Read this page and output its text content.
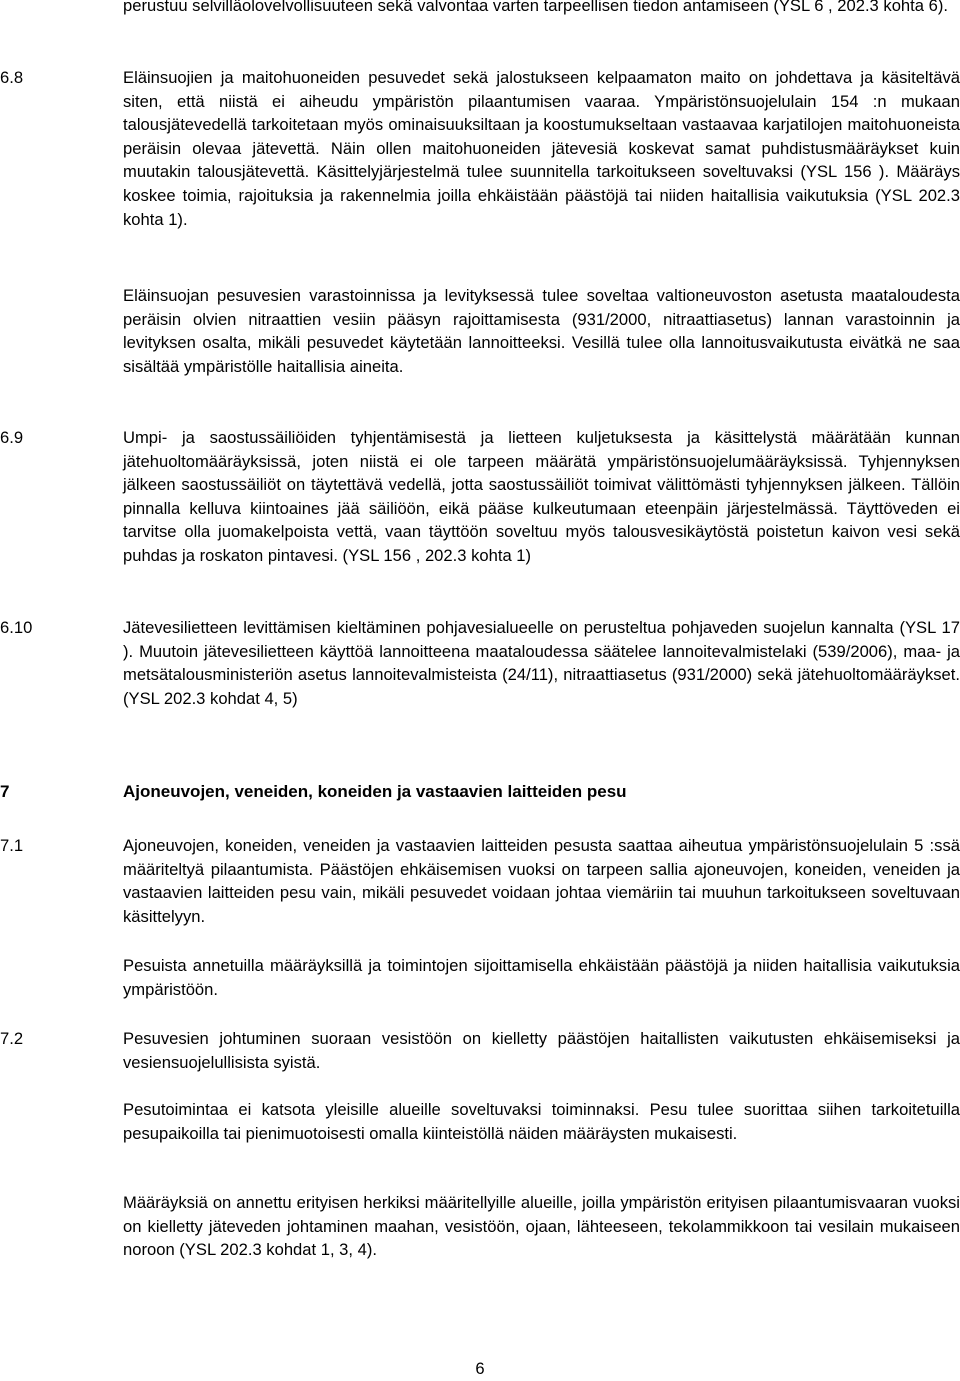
perustuu selvilläolovelvollisuuteen sekä valvontaa varten tarpeellisen tiedon antamiseen (YSL 6 , 202.3 kohta 6).
6.8	Eläinsuojien ja maitohuoneiden pesuvedet sekä jalostukseen kelpaamaton maito on johdettava ja käsiteltävä siten, että niistä ei aiheudu ympäristön pilaantumisen vaaraa. Ympäristönsuojelulain 154 :n mukaan talousjätevedellä tarkoitetaan myös ominaisuuksiltaan ja koostumukseltaan vastaavaa karjatilojen maitohuoneista peräisin olevaa jätevettä. Näin ollen maitohuoneiden jätevesiä koskevat samat puhdistusmääräykset kuin muutakin talousjätevettä. Käsittelyjärjestelmä tulee suunnitella tarkoitukseen soveltuvaksi (YSL 156 ). Määräys koskee toimia, rajoituksia ja rakennelmia joilla ehkäistään päästöjä tai niiden haitallisia vaikutuksia (YSL 202.3 kohta 1).
Eläinsuojan pesuvesien varastoinnissa ja levityksessä tulee soveltaa valtioneuvoston asetusta maataloudesta peräisin olvien nitraattien vesiin pääsyn rajoittamisesta (931/2000, nitraattiasetus) lannan varastoinnin ja levityksen osalta, mikäli pesuvedet käytetään lannoitteeksi. Vesillä tulee olla lannoitusvaikutusta eivätkä ne saa sisältää ympäristölle haitallisia aineita.
6.9	Umpi- ja saostussäiliöiden tyhjentämisestä ja lietteen kuljetuksesta ja käsittelystä määrätään kunnan jätehuoltomääräyksissä, joten niistä ei ole tarpeen määrätä ympäristönsuojelumääräyksissä. Tyhjennyksen jälkeen saostussäiliöt on täytettävä vedellä, jotta saostussäiliöt toimivat välittömästi tyhjennyksen jälkeen. Tällöin pinnalla kelluva kiintoaines jää säiliöön, eikä pääse kulkeutumaan eteenpäin järjestelmässä. Täyttöveden ei tarvitse olla juomakelpoista vettä, vaan täyttöön soveltuu myös talousvesikäytöstä poistetun kaivon vesi sekä puhdas ja roskaton pintavesi. (YSL 156 , 202.3 kohta 1)
6.10	Jätevesilietteen levittämisen kieltäminen pohjavesialueelle on perusteltua pohjaveden suojelun kannalta (YSL 17 ). Muutoin jätevesilietteen käyttöä lannoitteena maataloudessa säätelee lannoitevalmistelaki (539/2006), maa- ja metsätalousministeriön asetus lannoitevalmisteista (24/11), nitraattiasetus (931/2000) sekä jätehuoltomääräykset. (YSL 202.3 kohdat 4, 5)
7	Ajoneuvojen, veneiden, koneiden ja vastaavien laitteiden pesu
7.1	Ajoneuvojen, koneiden, veneiden ja vastaavien laitteiden pesusta saattaa aiheutua ympäristönsuojelulain 5 :ssä määriteltyä pilaantumista. Päästöjen ehkäisemisen vuoksi on tarpeen sallia ajoneuvojen, koneiden, veneiden ja vastaavien laitteiden pesu vain, mikäli pesuvedet voidaan johtaa viemäriin tai muuhun tarkoitukseen soveltuvaan käsittelyyn.
Pesuista annetuilla määräyksillä ja toimintojen sijoittamisella ehkäistään päästöjä ja niiden haitallisia vaikutuksia ympäristöön.
7.2	Pesuvesien johtuminen suoraan vesistöön on kielletty päästöjen haitallisten vaikutusten ehkäisemiseksi ja vesiensuojelullisista syistä.
Pesutoimintaa ei katsota yleisille alueille soveltuvaksi toiminnaksi. Pesu tulee suorittaa siihen tarkoitetuilla pesupaikoilla tai pienimuotoisesti omalla kiinteistöllä näiden määräysten mukaisesti.
Määräyksiä on annettu erityisen herkiksi määritellyille alueille, joilla ympäristön erityisen pilaantumisvaaran vuoksi on kielletty jäteveden johtaminen maahan, vesistöön, ojaan, lähteeseen, tekolammikkoon tai vesilain mukaiseen noroon (YSL 202.3 kohdat 1, 3, 4).
6
